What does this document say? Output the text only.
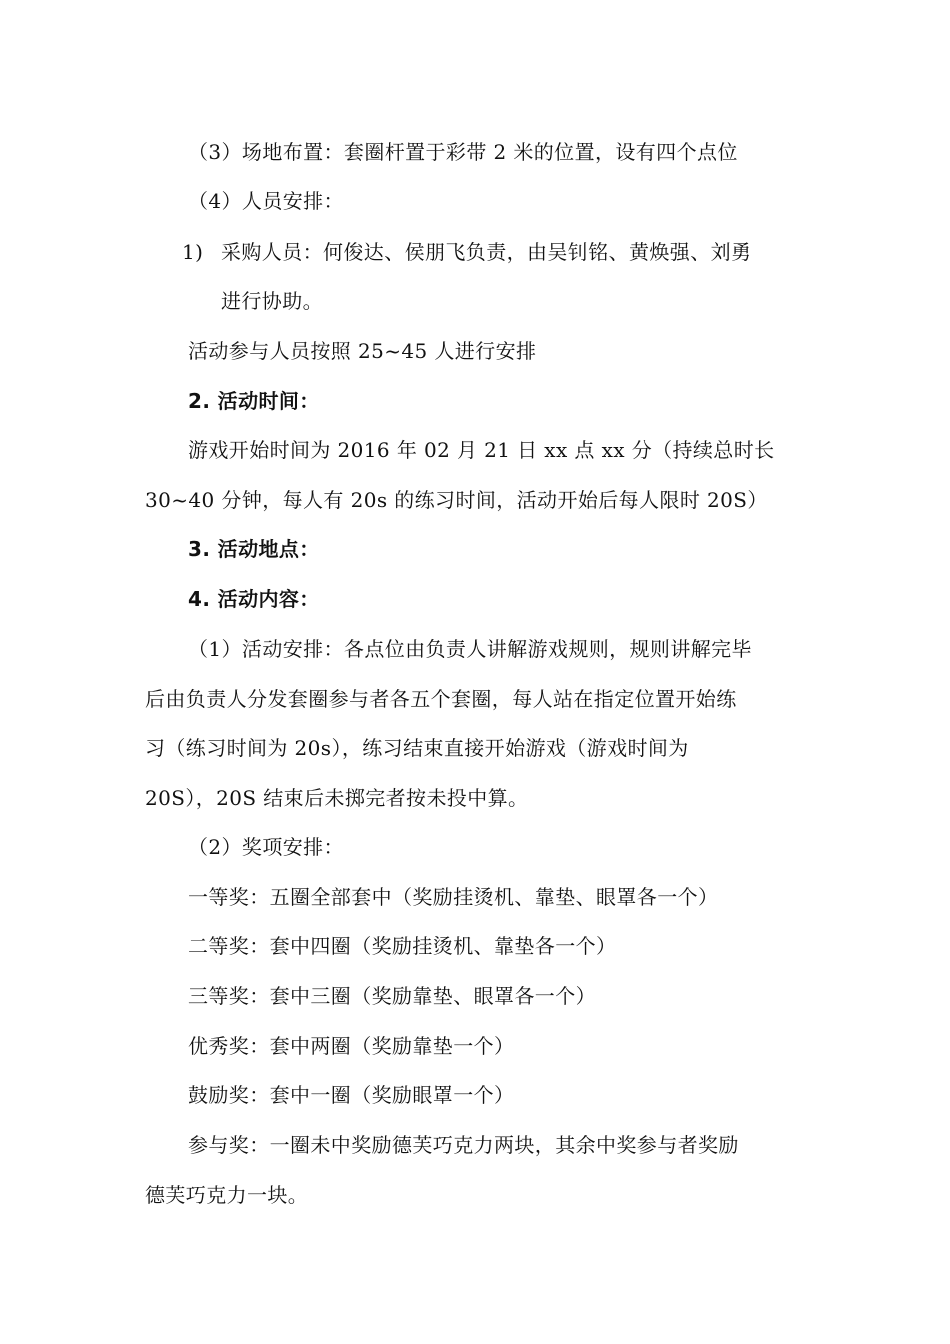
（3）场地布置：套圈杆置于彩带 2 米的位置，设有四个点位
（4）人员安排：
1) 采购人员：何俊达、侯朋飞负责，由吴钊铭、黄焕强、刘勇
进行协助。
活动参与人员按照 25~45 人进行安排
2. 活动时间：
游戏开始时间为 2016 年 02 月 21 日 xx 点 xx 分（持续总时长
30~40 分钟，每人有 20s 的练习时间，活动开始后每人限时 20S）
3. 活动地点：
4. 活动内容：
（1）活动安排：各点位由负责人讲解游戏规则，规则讲解完毕
后由负责人分发套圈参与者各五个套圈，每人站在指定位置开始练
习（练习时间为 20s），练习结束直接开始游戏（游戏时间为
20S），20S 结束后未掷完者按未投中算。
（2）奖项安排：
一等奖：五圈全部套中（奖励挂烫机、靠垫、眼罩各一个）
二等奖：套中四圈（奖励挂烫机、靠垫各一个）
三等奖：套中三圈（奖励靠垫、眼罩各一个）
优秀奖：套中两圈（奖励靠垫一个）
鼓励奖：套中一圈（奖励眼罩一个）
参与奖：一圈未中奖励德芙巧克力两块，其余中奖参与者奖励
德芙巧克力一块。
